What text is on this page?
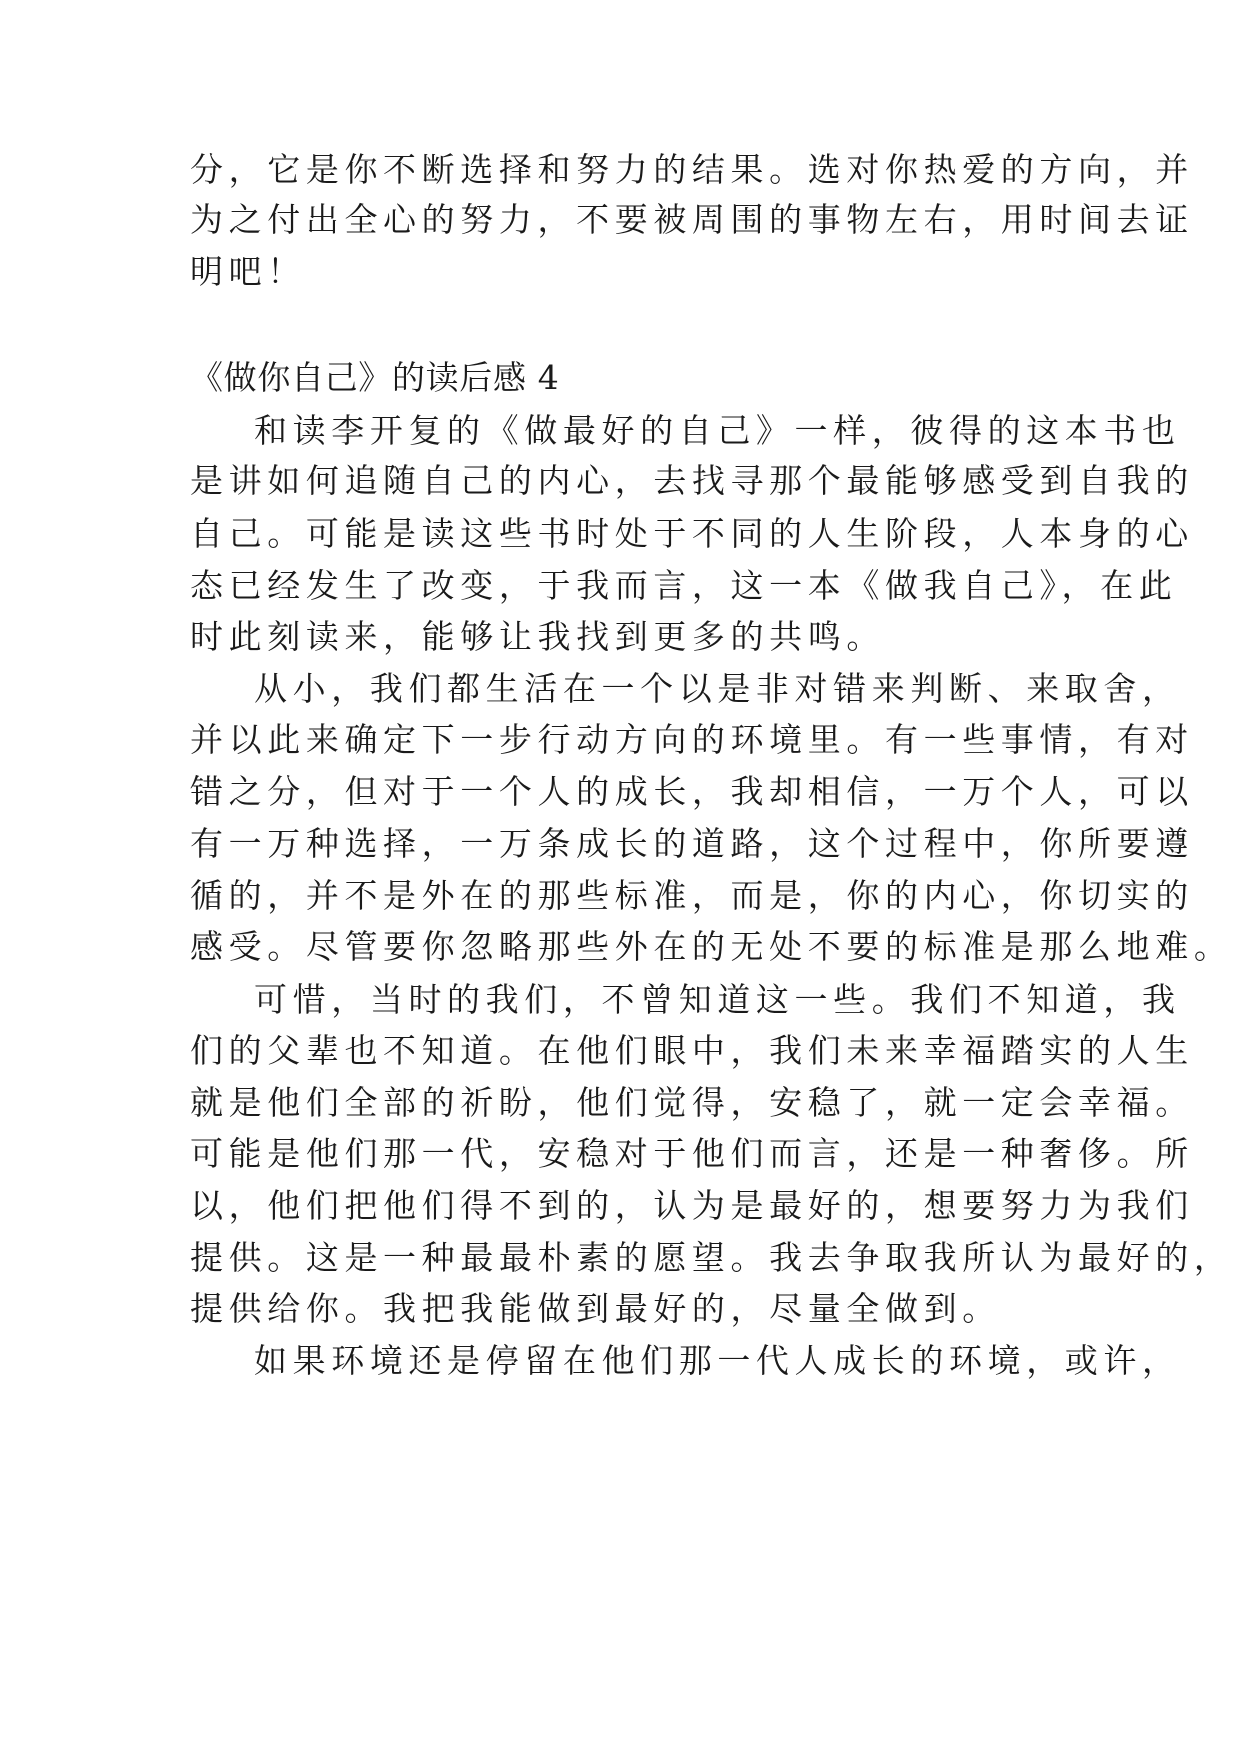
分，它是你不断选择和努力的结果。选对你热爱的方向，并
为之付出全心的努力，不要被周围的事物左右，用时间去证
明吧！
《做你自己》的读后感 4
和读李开复的《做最好的自己》一样，彼得的这本书也
是讲如何追随自己的内心，去找寻那个最能够感受到自我的
自己。可能是读这些书时处于不同的人生阶段，人本身的心
态已经发生了改变，于我而言，这一本《做我自己》，在此
时此刻读来，能够让我找到更多的共鸣。
从小，我们都生活在一个以是非对错来判断、来取舍，
并以此来确定下一步行动方向的环境里。有一些事情，有对
错之分，但对于一个人的成长，我却相信，一万个人，可以
有一万种选择，一万条成长的道路，这个过程中，你所要遵
循的，并不是外在的那些标准，而是，你的内心，你切实的
感受。尽管要你忽略那些外在的无处不要的标准是那么地难。
可惜，当时的我们，不曾知道这一些。我们不知道，我
们的父辈也不知道。在他们眼中，我们未来幸福踏实的人生
就是他们全部的祈盼，他们觉得，安稳了，就一定会幸福。
可能是他们那一代，安稳对于他们而言，还是一种奢侈。所
以，他们把他们得不到的，认为是最好的，想要努力为我们
提供。这是一种最最朴素的愿望。我去争取我所认为最好的，
提供给你。我把我能做到最好的，尽量全做到。
如果环境还是停留在他们那一代人成长的环境，或许，
